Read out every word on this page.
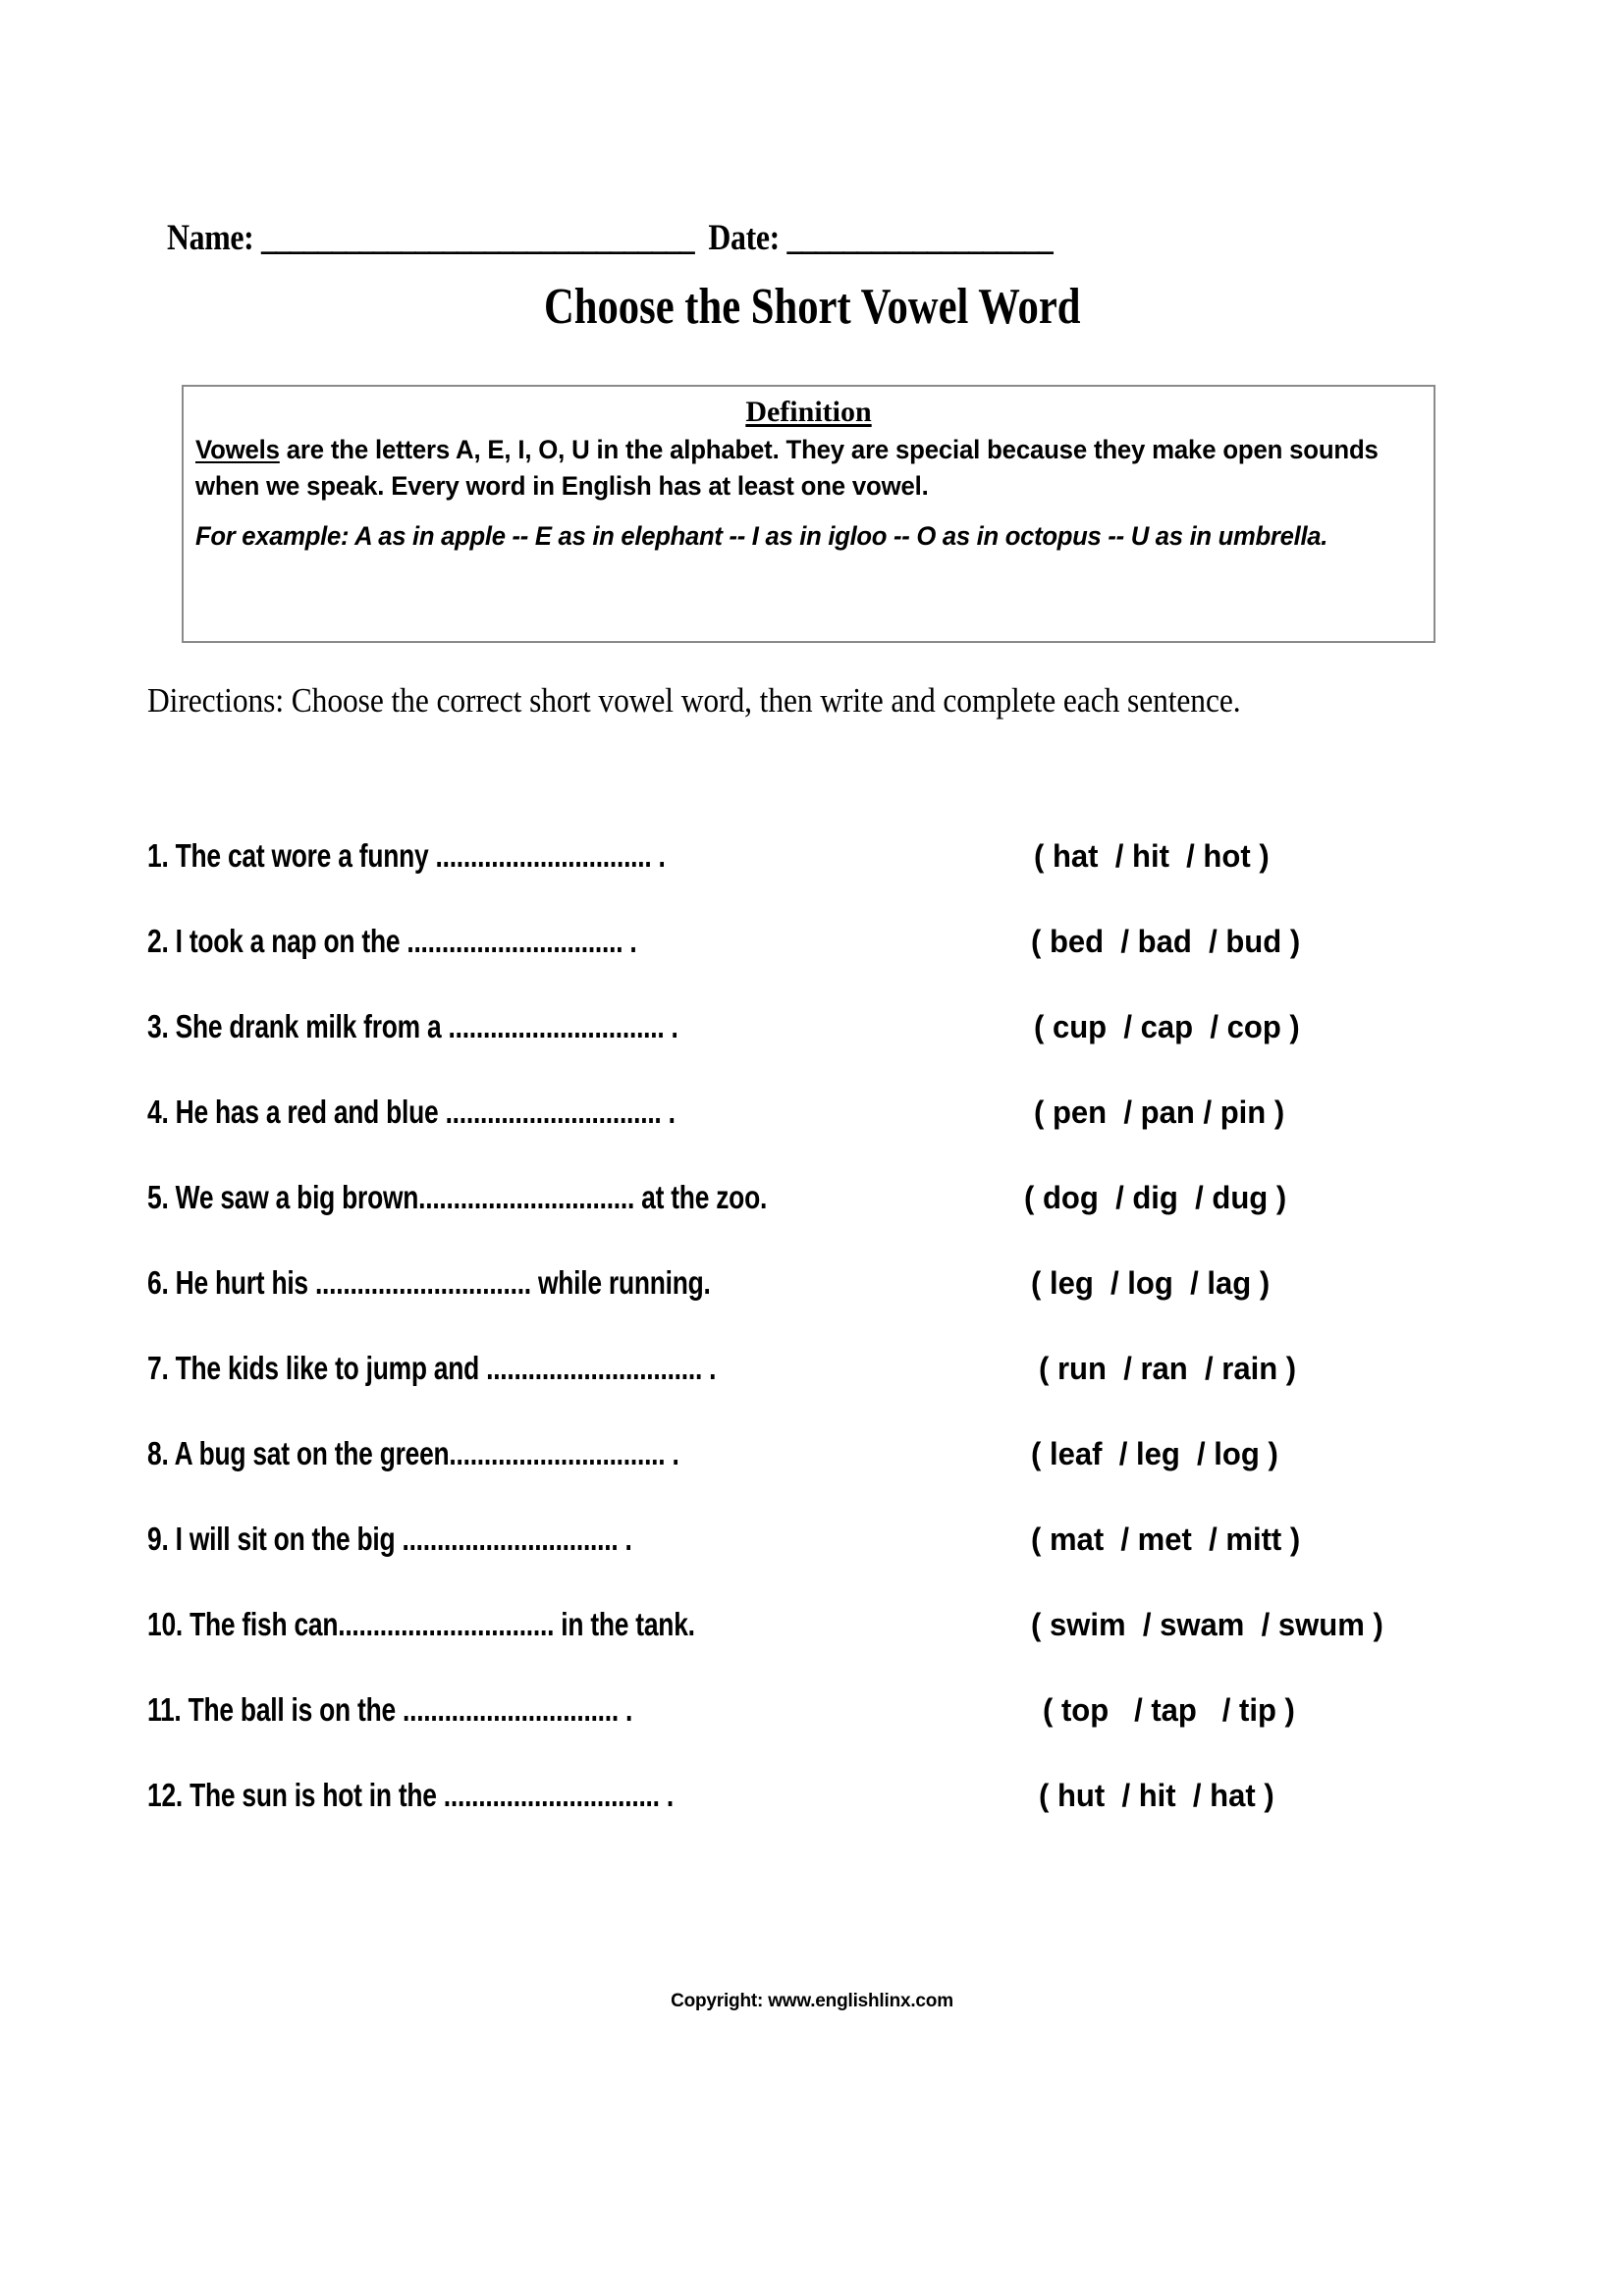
Name: _______________________________ Date: ___________________
Choose the Short Vowel Word
Definition
Vowels are the letters A, E, I, O, U in the alphabet. They are special because they make open sounds when we speak. Every word in English has at least one vowel.
For example: A as in apple -- E as in elephant -- I as in igloo -- O as in octopus -- U as in umbrella.
Directions: Choose the correct short vowel word, then write and complete each sentence.
1. The cat wore a funny ............................... .	( hat  / hit  / hot )
2. I took a nap on the ............................... .	( bed  / bad  / bud )
3. She drank milk from a ............................... .	( cup  / cap  / cop )
4. He has a red and blue ............................... .	( pen  / pan / pin )
5. We saw a big brown............................... at the zoo.	( dog  / dig  / dug )
6. He hurt his ............................... while running.	( leg  / log  / lag )
7. The kids like to jump and ............................... .	( run  / ran  / rain )
8. A bug sat on the green............................... .	( leaf  / leg  / log )
9. I will sit on the big ............................... .	( mat  / met  / mitt )
10. The fish can............................... in the tank.	( swim  / swam  / swum )
11. The ball is on the ............................... .	( top   / tap   / tip )
12. The sun is hot in the ............................... .	( hut  / hit  / hat )
Copyright: www.englishlinx.com
